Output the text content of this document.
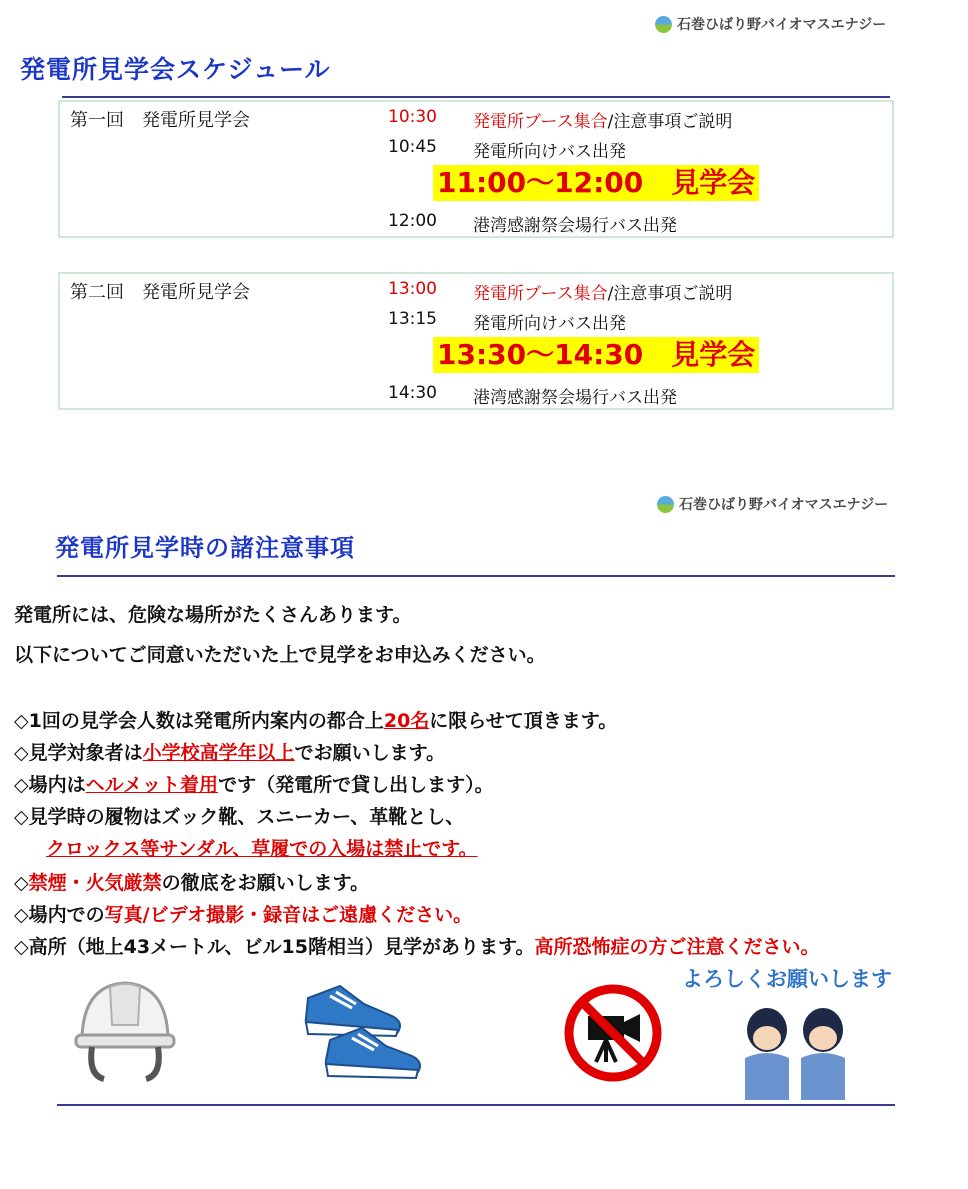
石巻ひばり野バイオマスエナジー
発電所見学会スケジュール
第一回　発電所見学会	10:30 発電所ブース集合/注意事項ご説明
10:45 発電所向けバス出発
11:00〜12:00　見学会
12:00 港湾感謝祭会場行バス出発
第二回　発電所見学会	13:00 発電所ブース集合/注意事項ご説明
13:15 発電所向けバス出発
13:30〜14:30　見学会
14:30 港湾感謝祭会場行バス出発
石巻ひばり野バイオマスエナジー
発電所見学時の諸注意事項
発電所には、危険な場所がたくさんあります。
以下についてご同意いただいた上で見学をお申込みください。
◇1回の見学会人数は発電所内案内の都合上20名に限らせて頂きます。
◇見学対象者は小学校高学年以上でお願いします。
◇場内はヘルメット着用です（発電所で貸し出します）。
◇見学時の履物はズック靴、スニーカー、革靴とし、
クロックス等サンダル、草履での入場は禁止です。
◇禁煙・火気厳禁の徹底をお願いします。
◇場内での写真/ビデオ撮影・録音はご遠慮ください。
◇高所（地上43メートル、ビル15階相当）見学があります。高所恐怖症の方ご注意ください。
よろしくお願いします
